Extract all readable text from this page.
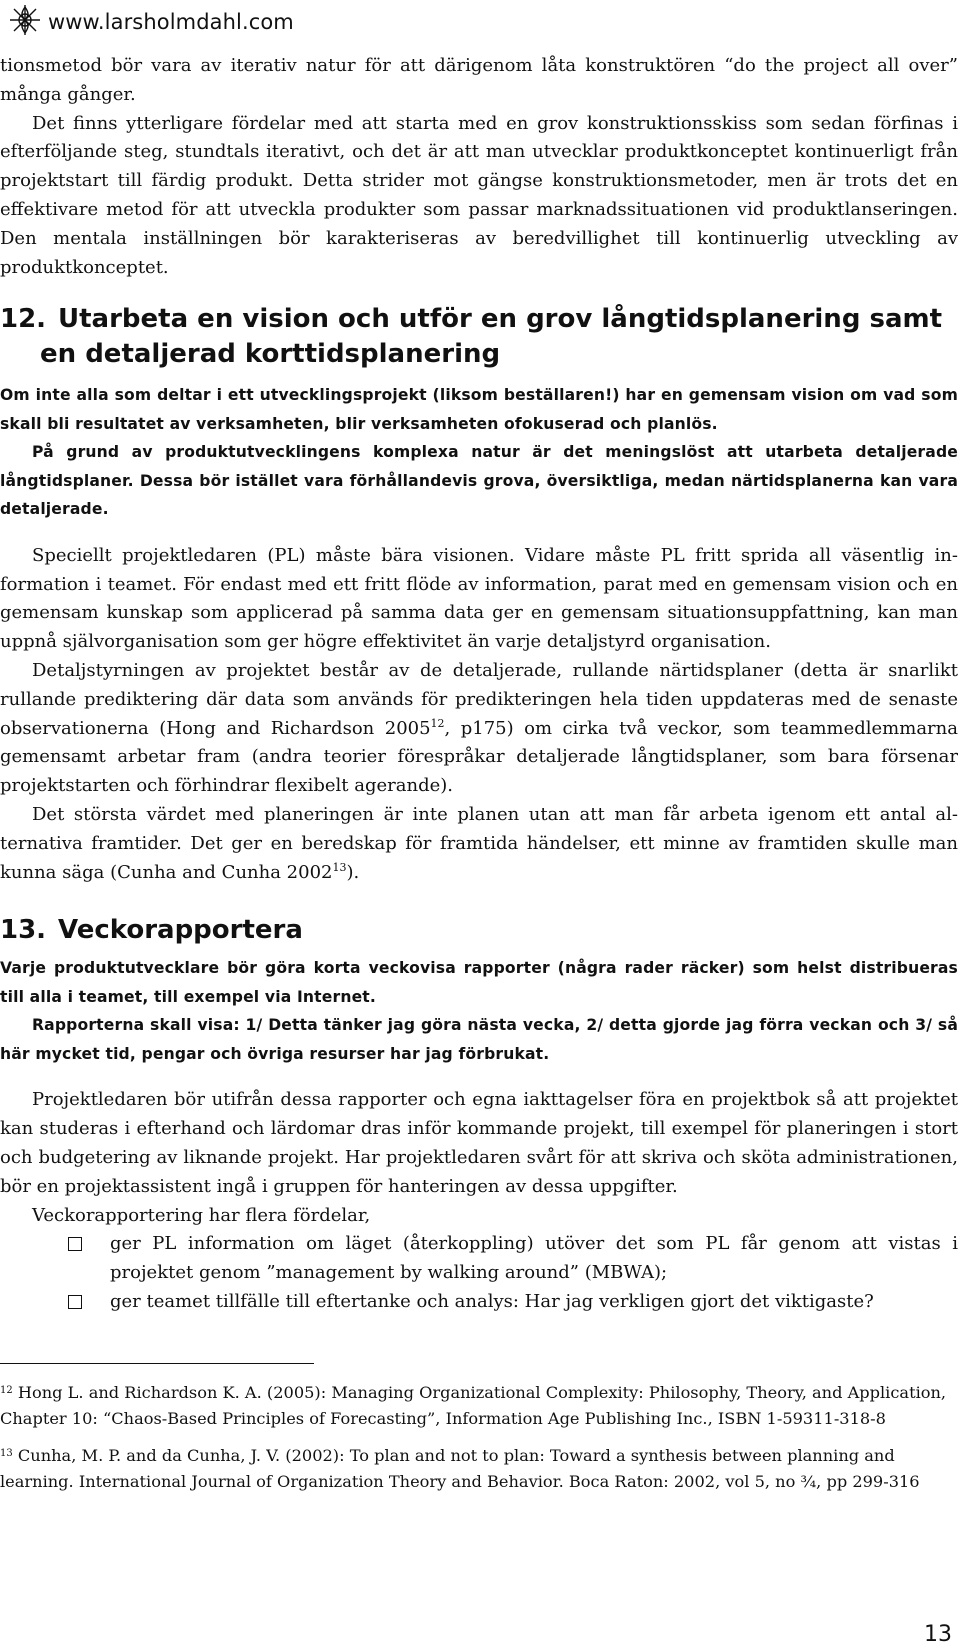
www.larsholmdahl.com

tionsmetod bör vara av iterativ natur för att därigenom låta konstruktören “do the project all over” många gånger.

Det finns ytterligare fördelar med att starta med en grov konstruktionsskiss som sedan förfinas i efterföljande steg, stundtals iterativt, och det är att man utvecklar produktkonceptet kontinuerligt från projektstart till färdig produkt. Detta strider mot gängse konstruktionsmetoder, men är trots det en effektivare metod för att utveckla produkter som passar marknadssituationen vid produktlanseringen. Den mentala inställningen bör karakteriseras av beredvillighet till kontinuerlig utveckling av produktkonceptet.

12. Utarbeta en vision och utför en grov långtidsplanering samt en detaljerad korttidsplanering

Om inte alla som deltar i ett utvecklingsprojekt (liksom beställaren!) har en gemensam vision om vad som skall bli resultatet av verksamheten, blir verksamheten ofokuserad och planlös.

På grund av produktutvecklingens komplexa natur är det meningslöst att utarbeta detaljerade långtidsplaner. Dessa bör istället vara förhållandevis grova, översiktliga, medan närtidsplanerna kan vara detaljerade.

Speciellt projektledaren (PL) måste bära visionen. Vidare måste PL fritt sprida all väsentlig information i teamet. För endast med ett fritt flöde av information, parat med en gemensam vision och en gemensam kunskap som applicerad på samma data ger en gemensam situationsuppfattning, kan man uppnå självorganisation som ger högre effektivitet än varje detaljstyrd organisation.

Detaljstyrningen av projektet består av de detaljerade, rullande närtidsplaner (detta är snarlikt rullande prediktering där data som används för predikteringen hela tiden uppdateras med de senaste observationerna (Hong and Richardson 2005$^{12}$, p175) om cirka två veckor, som teammedlemmarna gemensamt arbetar fram (andra teorier förespråkar detaljerade långtidsplaner, som bara försenar projektstarten och förhindrar flexibelt agerande).

Det största värdet med planeringen är inte planen utan att man får arbeta igenom ett antal alternativa framtider. Det ger en beredskap för framtida händelser, ett minne av framtiden skulle man kunna säga (Cunha and Cunha 2002$^{13}$).

13. Veckorapportera

Varje produktutvecklare bör göra korta veckovisa rapporter (några rader räcker) som helst distribueras till alla i teamet, till exempel via Internet.

Rapporterna skall visa: 1/ Detta tänker jag göra nästa vecka, 2/ detta gjorde jag förra veckan och 3/ så här mycket tid, pengar och övriga resurser har jag förbrukat.

Projektledaren bör utifrån dessa rapporter och egna iakttagelser föra en projektbok så att projektet kan studeras i efterhand och lärdomar dras inför kommande projekt, till exempel för planeringen i stort och budgetering av liknande projekt. Har projektledaren svårt för att skriva och sköta administrationen, bör en projektassistent ingå i gruppen för hanteringen av dessa uppgifter.

Veckorapportering har flera fördelar,

ger PL information om läget (återkoppling) utöver det som PL får genom att vistas i projektet genom ”management by walking around” (MBWA);
ger teamet tillfälle till eftertanke och analys: Har jag verkligen gjort det viktigaste?

$^{12}$ Hong L. and Richardson K. A. (2005): Managing Organizational Complexity: Philosophy, Theory, and Application, Chapter 10: “Chaos-Based Principles of Forecasting”, Information Age Publishing Inc., ISBN 1-59311-318-8

$^{13}$ Cunha, M. P. and da Cunha, J. V. (2002): To plan and not to plan: Toward a synthesis between planning and learning. International Journal of Organization Theory and Behavior. Boca Raton: 2002, vol 5, no ¾, pp 299-316

13
